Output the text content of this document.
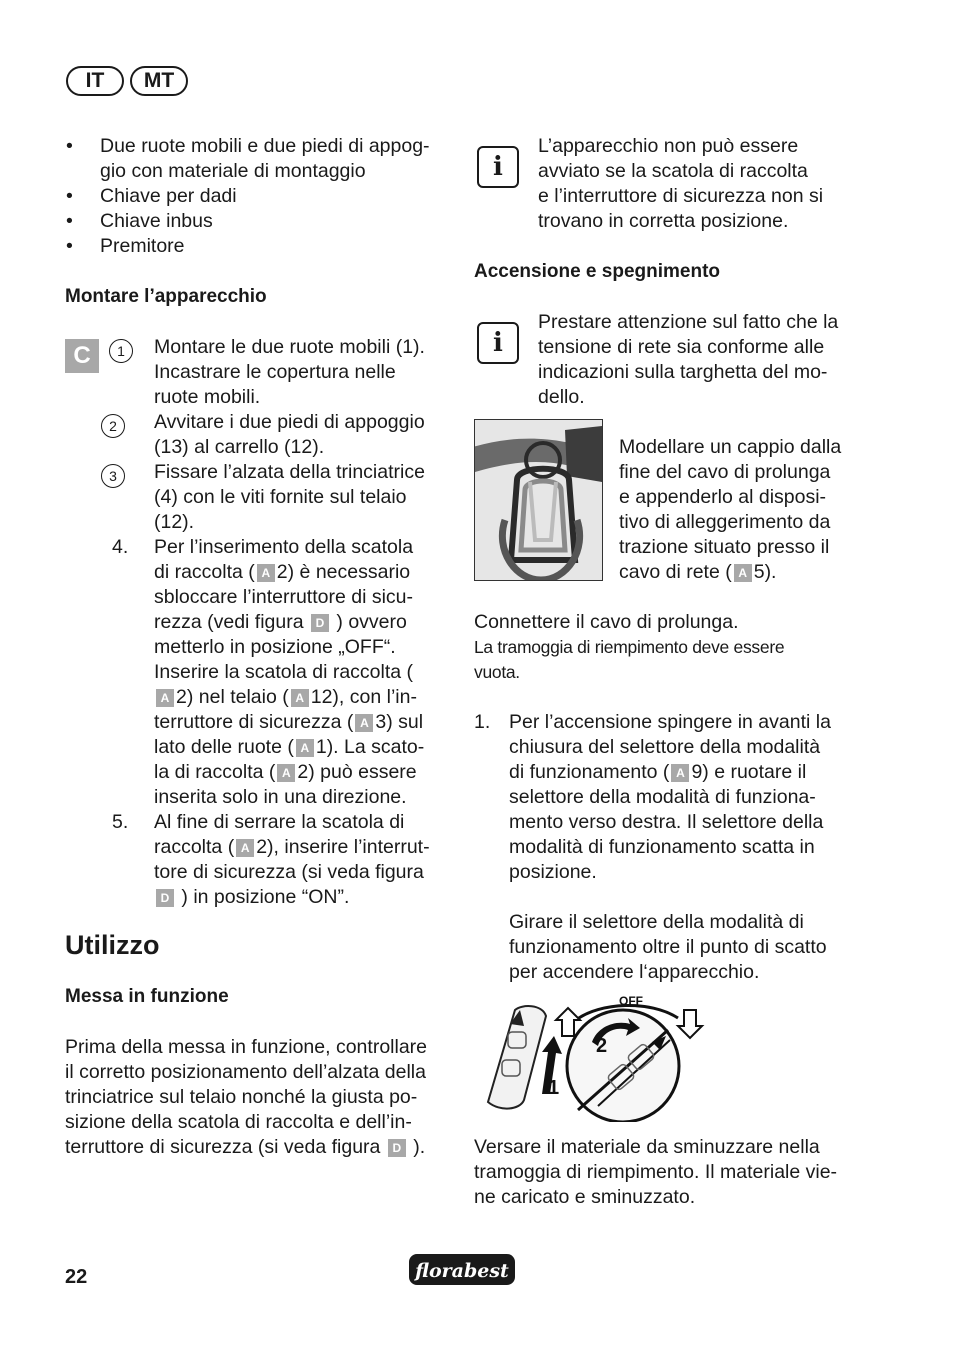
IT	MT
• Due ruote mobili e due piedi di appog-
gio con materiale di montaggio
• Chiave per dadi
• Chiave inbus
• Premitore
Montare l’apparecchio
C	1	Montare le due ruote mobili (1).
Incastrare le copertura nelle
ruote mobili.
2	Avvitare i due piedi di appoggio
(13) al carrello (12).
3	Fissare l’alzata della trinciatrice
(4) con le viti fornite sul telaio
(12).
4. Per l’inserimento della scatola
di raccolta ( A 2) è necessario
sbloccare l’interruttore di sicu-
rezza (vedi figura D ) ovvero
metterlo in posizione „OFF“.
Inserire la scatola di raccolta (
A 2) nel telaio ( A 12), con l’in-
terruttore di sicurezza ( A 3) sul
lato delle ruote ( A 1). La scato-
la di raccolta ( A 2) può essere
inserita solo in una direzione.
5. Al fine di serrare la scatola di
raccolta ( A 2), inserire l’interrut-
tore di sicurezza (si veda figura
D ) in posizione “ON”.
Utilizzo
Messa in funzione
Prima della messa in funzione, controllare
il corretto posizionamento dell’alzata della
trinciatrice sul telaio nonché la giusta po-
sizione della scatola di raccolta e dell’in-
terruttore di sicurezza (si veda figura D ).
i
L’apparecchio non può essere
avviato se la scatola di raccolta
e l’interruttore di sicurezza non si
trovano in corretta posizione.
Accensione e spegnimento
i
Prestare attenzione sul fatto che la
tensione di rete sia conforme alle
indicazioni sulla targhetta del mo-
dello.
Modellare un cappio dalla
fine del cavo di prolunga
e appenderlo al disposi-
tivo di alleggerimento da
trazione situato presso il
cavo di rete ( A 5).
Connettere il cavo di prolunga.
La tramoggia di riempimento deve essere
vuota.
1. Per l’accensione spingere in avanti la
chiusura del selettore della modalità
di funzionamento ( A 9) e ruotare il
selettore della modalità di funziona-
mento verso destra. Il selettore della
modalità di funzionamento scatta in
posizione.
Girare il selettore della modalità di
funzionamento oltre il punto di scatto
per accendere l‘apparecchio.
1
2
OFF
Versare il materiale da sminuzzare nella
tramoggia di riempimento. Il materiale vie-
ne caricato e sminuzzato.
22	florabest
